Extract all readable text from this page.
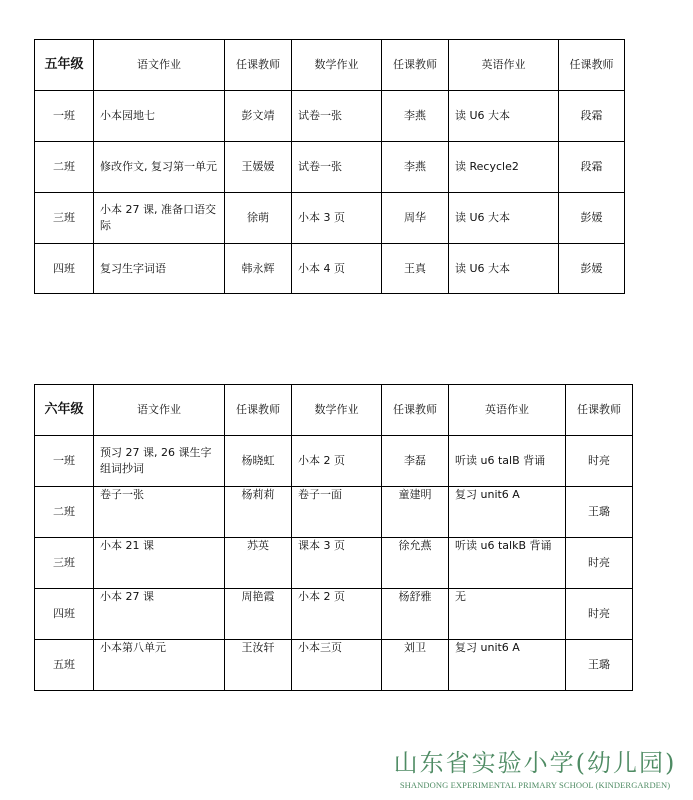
五年级	语文作业	任课教师	数学作业	任课教师	英语作业	任课教师
一班	小本园地七	彭文靖	试卷一张	李燕	读 U6 大本	段霜
二班	修改作文, 复习第一单元	王媛媛	试卷一张	李燕	读 Recycle2	段霜
三班	小本 27 课, 准备口语交际	徐萌	小本 3 页	周华	读 U6 大本	彭媛
四班	复习生字词语	韩永辉	小本 4 页	王真	读 U6 大本	彭媛
六年级	语文作业	任课教师	数学作业	任课教师	英语作业	任课教师
一班	预习 27 课, 26 课生字组词抄词	杨晓虹	小本 2 页	李磊	听读 u6 talB 背诵	时亮
二班	卷子一张	杨莉莉	卷子一面	童建明	复习 unit6 A	王璐
三班	小本 21 课	苏英	课本 3 页	徐允燕	听读 u6 talkB 背诵	时亮
四班	小本 27 课	周艳霞	小本 2 页	杨舒雅	无	时亮
五班	小本第八单元	王汝轩	小本三页	刘卫	复习 unit6 A	王璐
山东省实验小学(幼儿园)
SHANDONG EXPERIMENTAL PRIMARY SCHOOL (KINDERGARDEN)
